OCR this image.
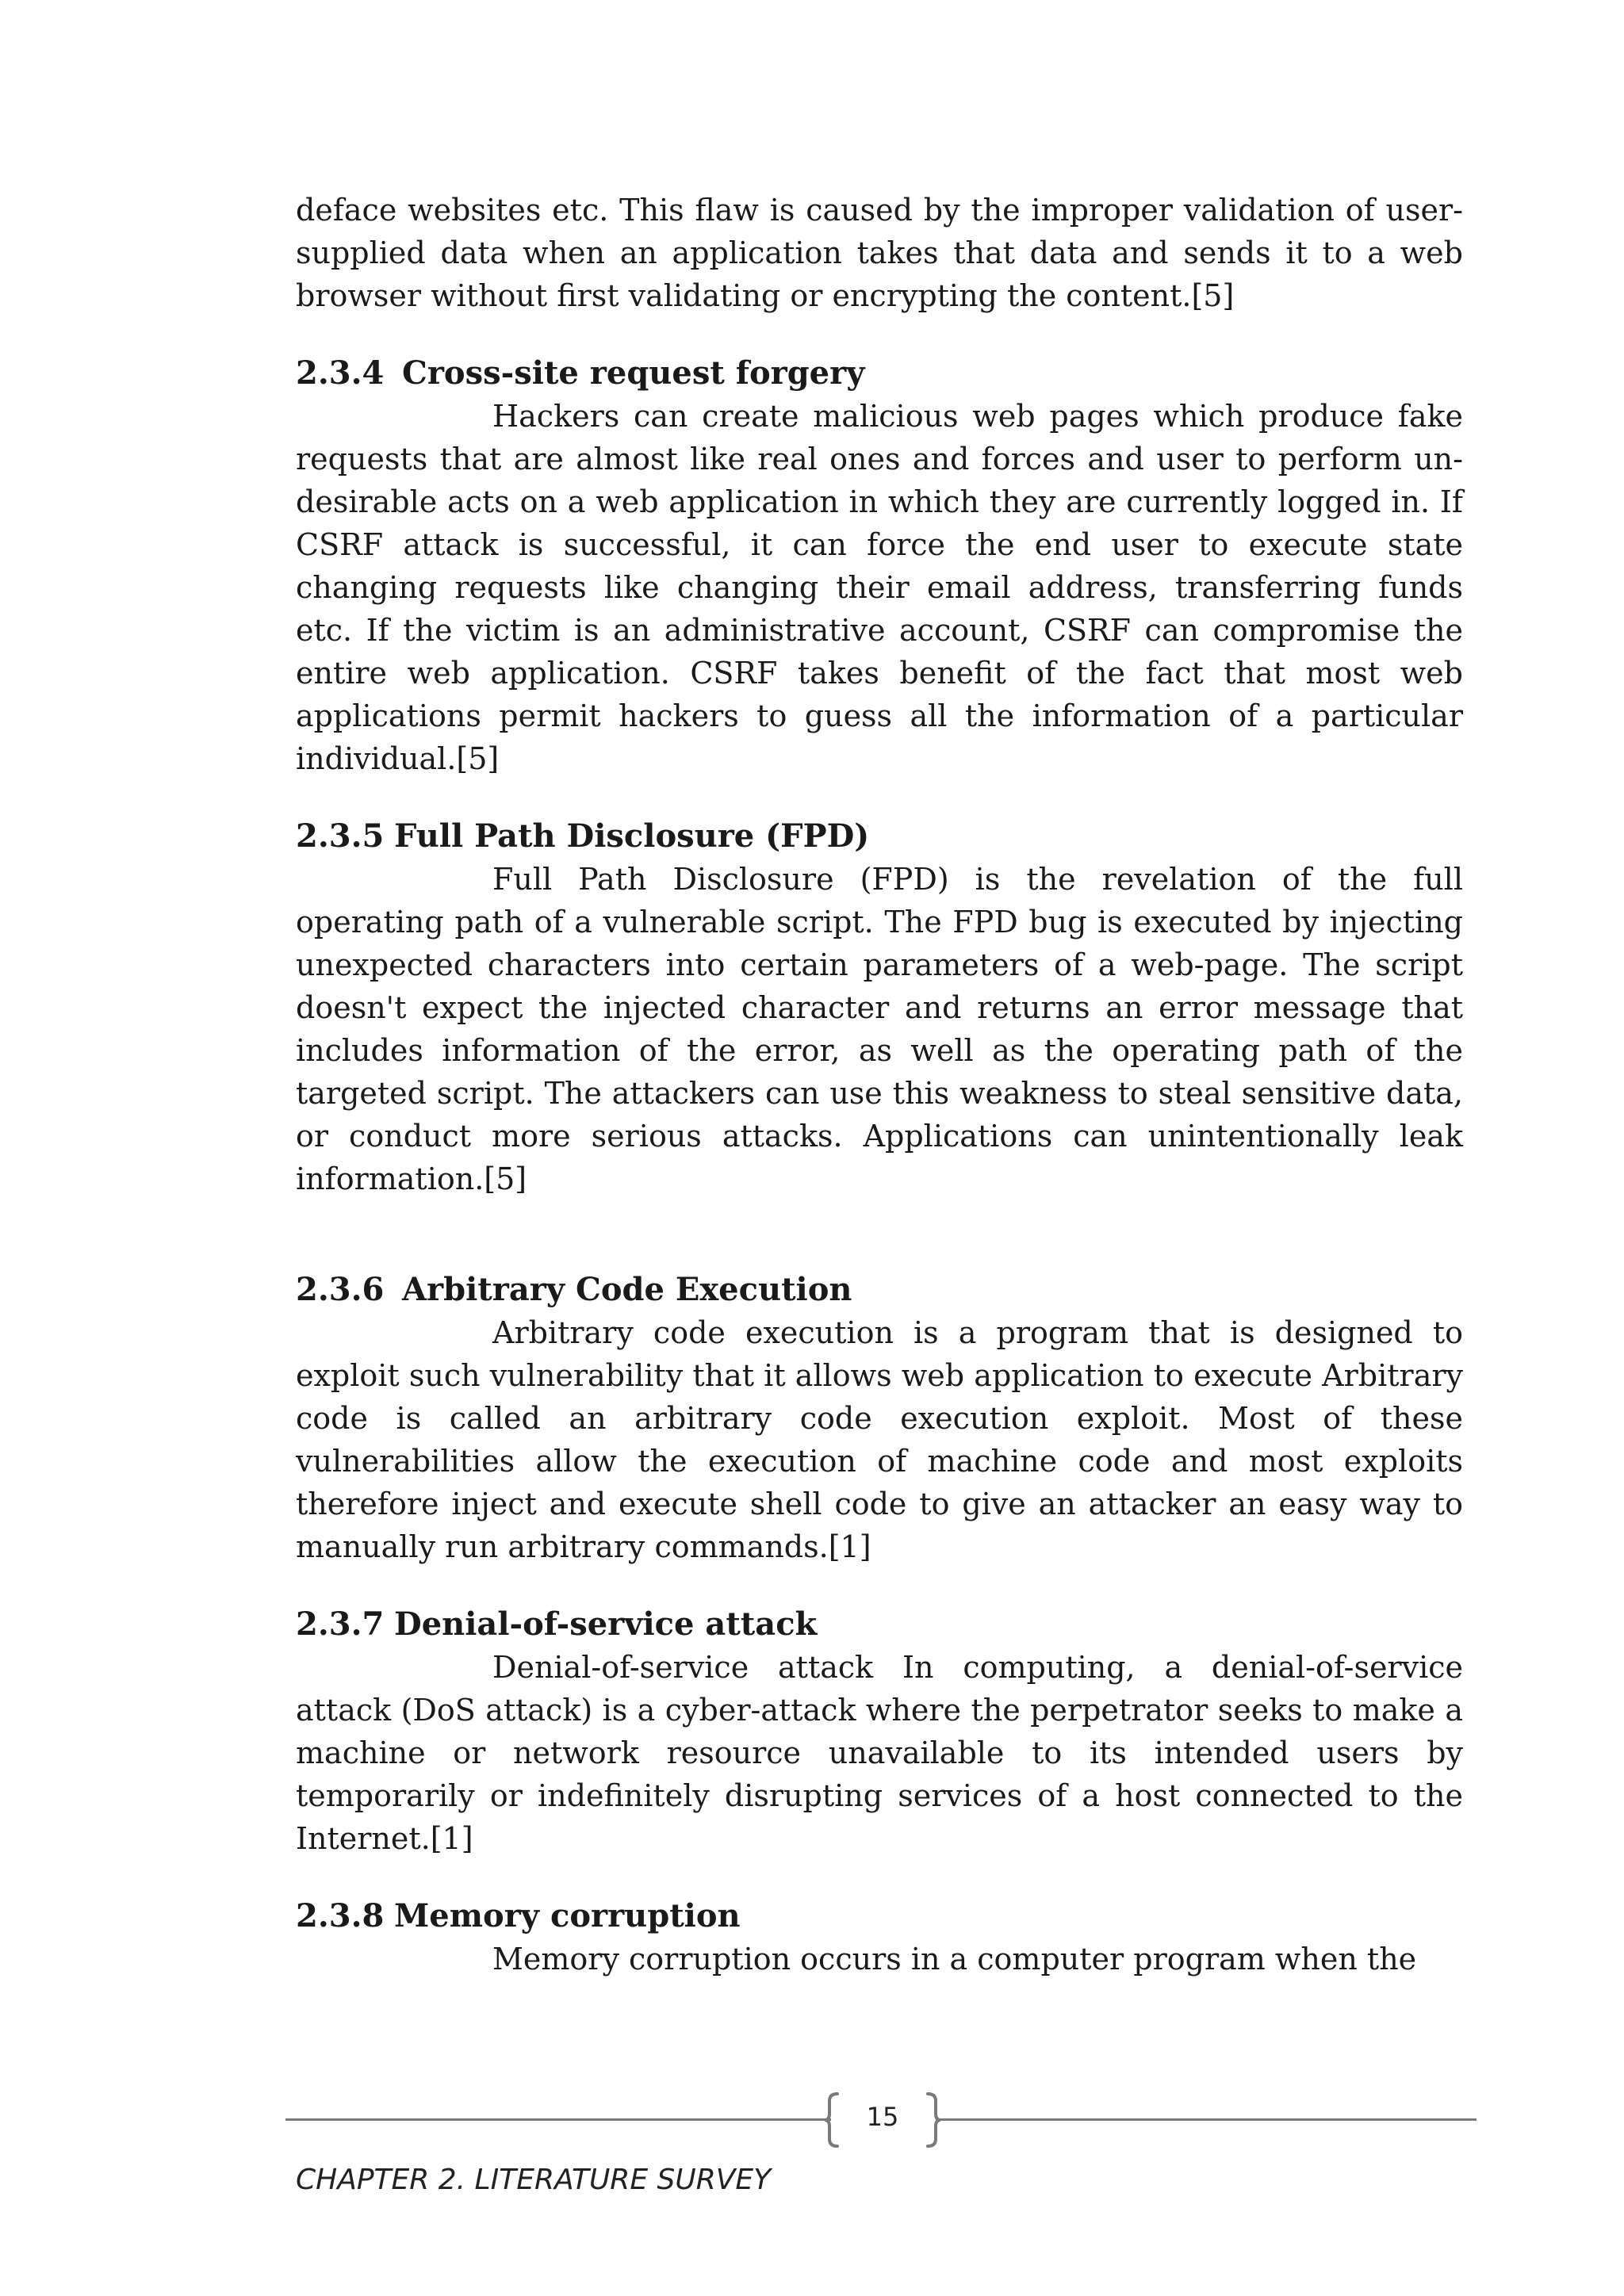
deface websites etc. This flaw is caused by the improper validation of user-supplied data when an application takes that data and sends it to a web browser without first validating or encrypting the content.[5]

2.3.4 Cross-site request forgery

Hackers can create malicious web pages which produce fake requests that are almost like real ones and forces and user to perform un-desirable acts on a web application in which they are currently logged in. If CSRF attack is successful, it can force the end user to execute state changing requests like changing their email address, transferring funds etc. If the victim is an administrative account, CSRF can compromise the entire web application. CSRF takes benefit of the fact that most web applications permit hackers to guess all the information of a particular individual.[5]

2.3.5 Full Path Disclosure (FPD)

Full Path Disclosure (FPD) is the revelation of the full operating path of a vulnerable script. The FPD bug is executed by injecting unexpected characters into certain parameters of a web-page. The script doesn't expect the injected character and returns an error message that includes information of the error, as well as the operating path of the targeted script. The attackers can use this weakness to steal sensitive data, or conduct more serious attacks. Applications can unintentionally leak information.[5]

2.3.6 Arbitrary Code Execution

Arbitrary code execution is a program that is designed to exploit such vulnerability that it allows web application to execute Arbitrary code is called an arbitrary code execution exploit. Most of these vulnerabilities allow the execution of machine code and most exploits therefore inject and execute shell code to give an attacker an easy way to manually run arbitrary commands.[1]

2.3.7 Denial-of-service attack

Denial-of-service attack In computing, a denial-of-service attack (DoS attack) is a cyber-attack where the perpetrator seeks to make a machine or network resource unavailable to its intended users by temporarily or indefinitely disrupting services of a host connected to the Internet.[1]

2.3.8 Memory corruption

Memory corruption occurs in a computer program when the

15
CHAPTER 2. LITERATURE SURVEY
